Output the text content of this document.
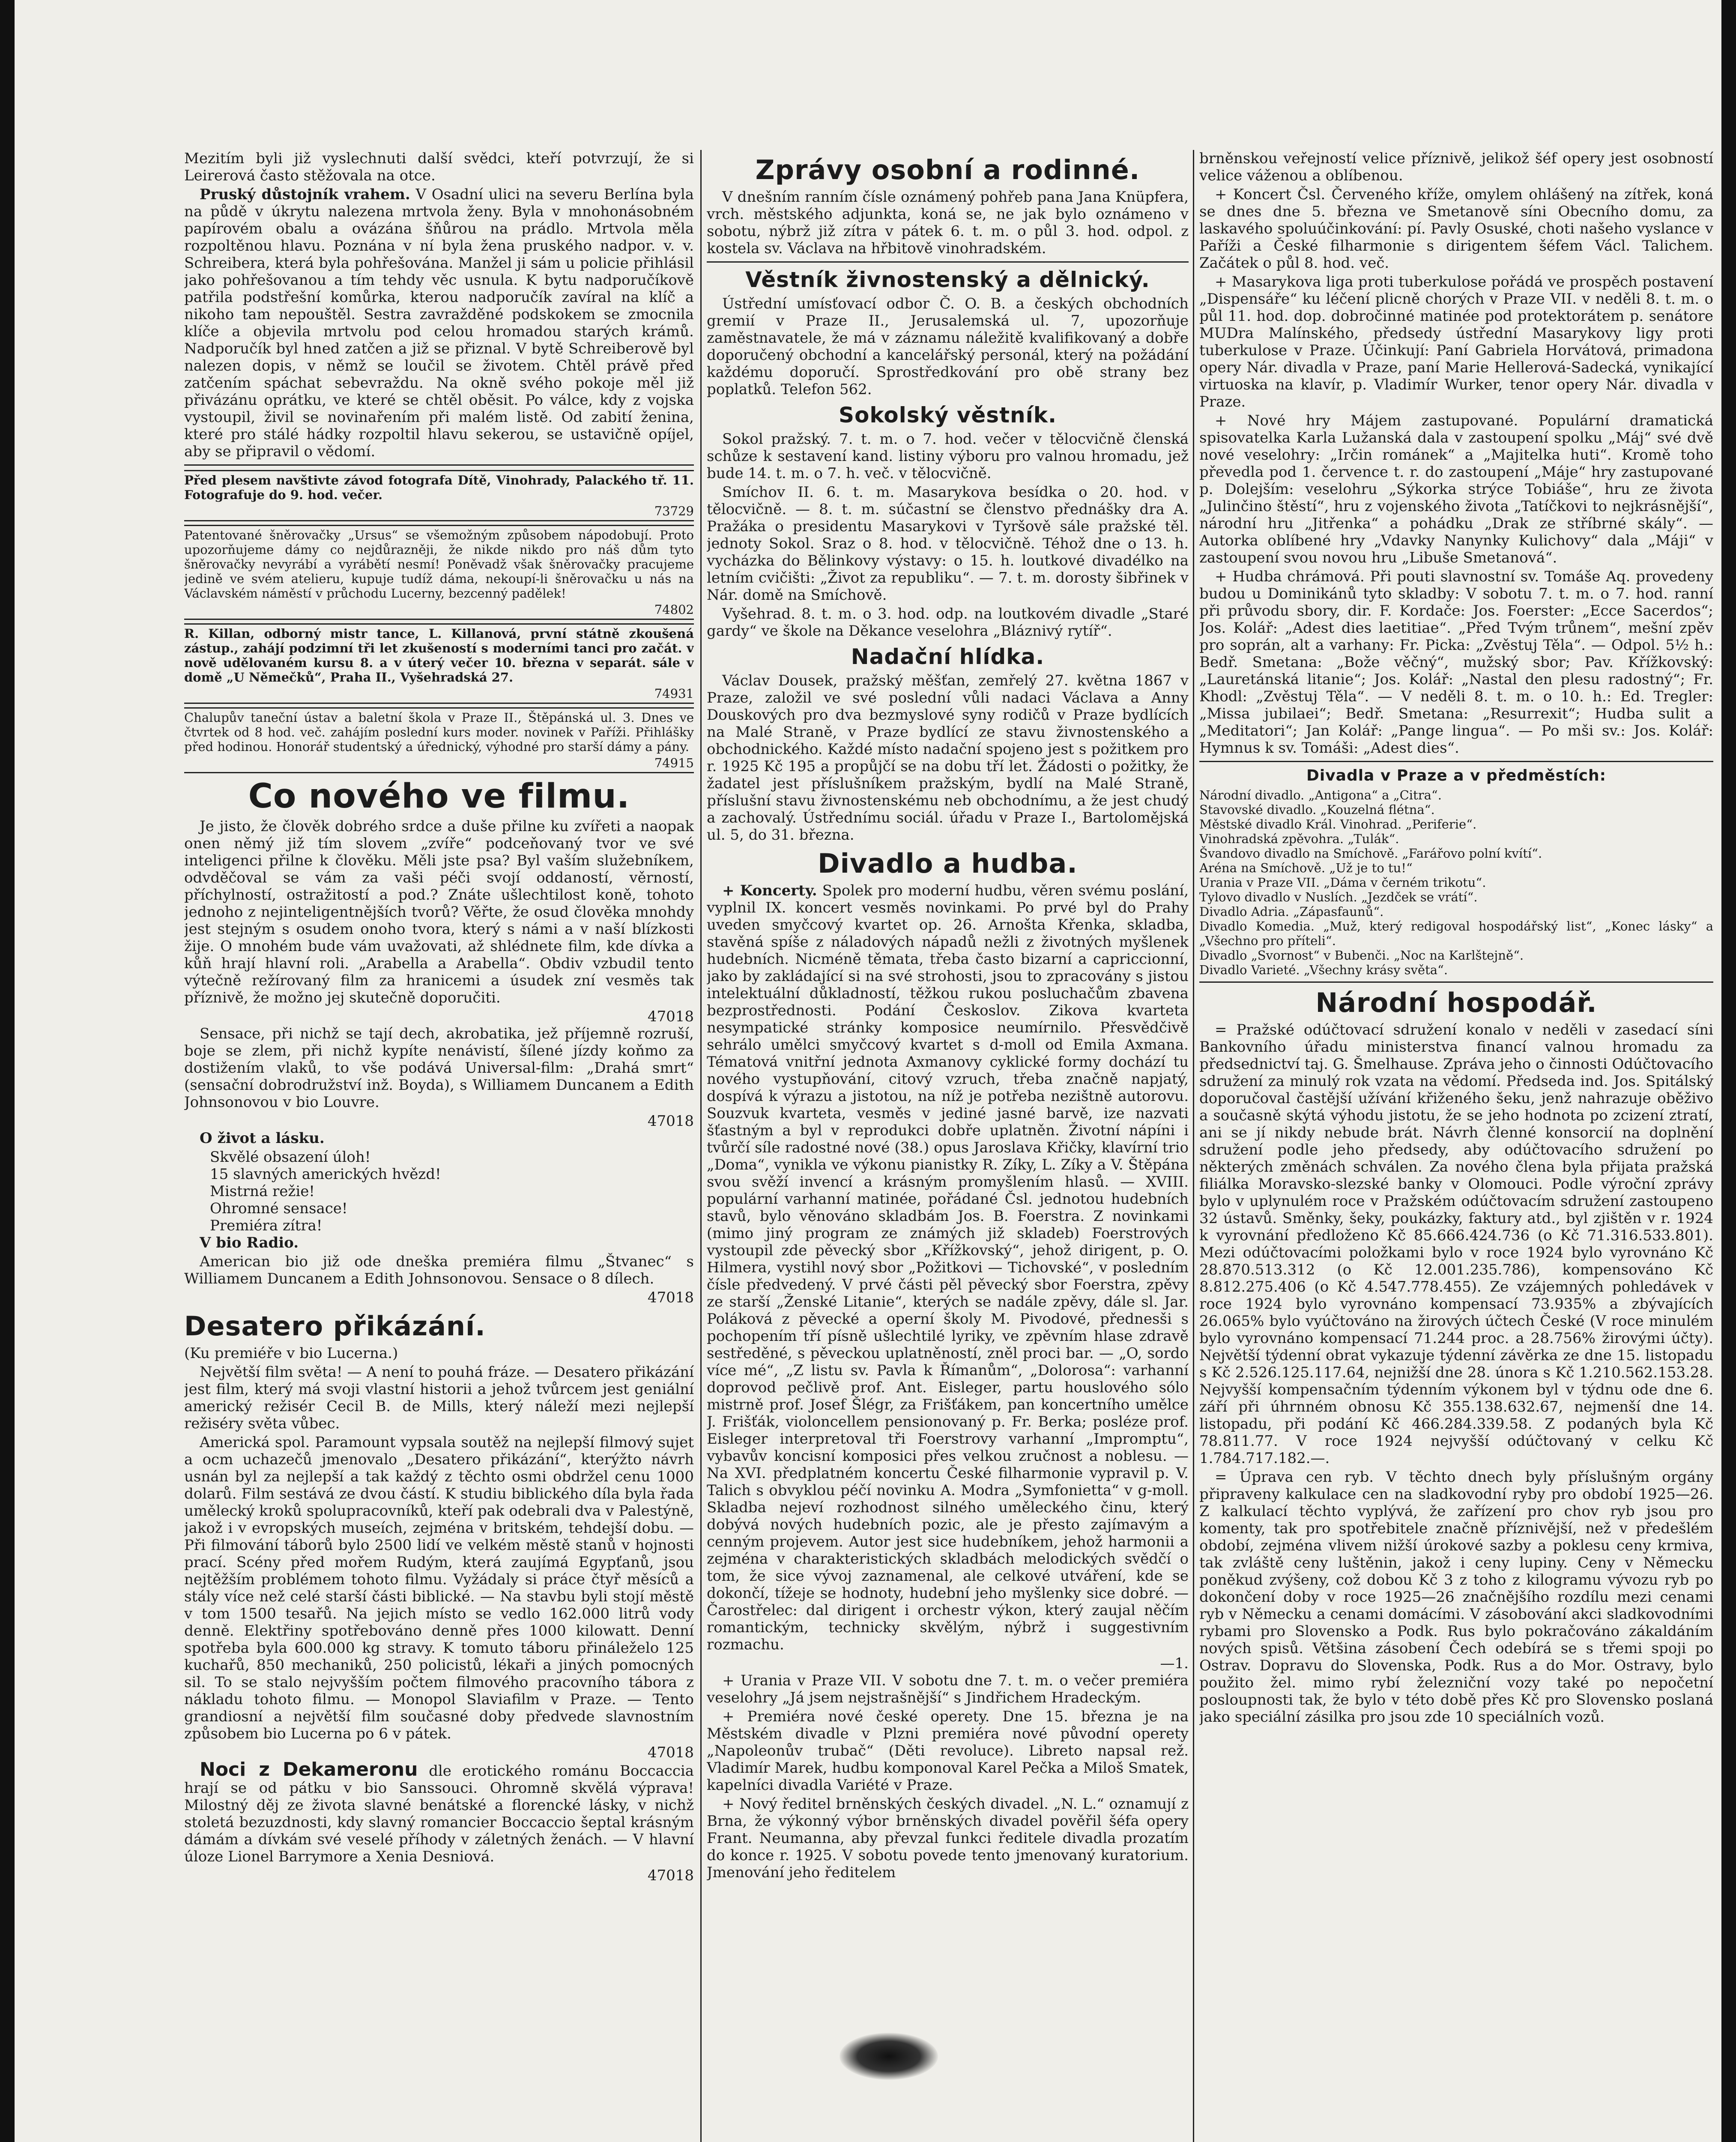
Mezitím byli již vyslechnuti další svědci, kteří potvrzují, že si Leirerová často stěžovala na otce.

Pruský důstojník vrahem. V Osadní ulici na severu Berlína byla na půdě v úkrytu nalezena mrtvola ženy. Byla v mnohonásobném papírovém obalu a ovázána šňůrou na prádlo. Mrtvola měla rozpoltěnou hlavu. Poznána v ní byla žena pruského nadpor. v. v. Schreibera, která byla pohřešována. Manžel ji sám u policie přihlásil jako pohřešovanou a tím tehdy věc usnula. K bytu nadporučíkově patřila podstřešní komůrka, kterou nadporučík zavíral na klíč a nikoho tam nepouštěl. Sestra zavražděné podskokem se zmocnila klíče a objevila mrtvolu pod celou hromadou starých krámů. Nadporučík byl hned zatčen a již se přiznal. V bytě Schreiberově byl nalezen dopis, v němž se loučil se životem. Chtěl právě před zatčením spáchat sebevraždu. Na okně svého pokoje měl již přivázánu oprátku, ve které se chtěl oběsit. Po válce, kdy z vojska vystoupil, živil se novinařením při malém listě. Od zabití ženina, které pro stálé hádky rozpoltil hlavu sekerou, se ustavičně opíjel, aby se připravil o vědomí.

Před plesem navštivte závod fotografa Dítě, Vinohrady, Palackého tř. 11. Fotografuje do 9. hod. večer.

73729

Patentované šněrovačky „Ursus“ se všemožným způsobem nápodobují. Proto upozorňujeme dámy co nejdůrazněji, že nikde nikdo pro náš dům tyto šněrovačky nevyrábí a vyrábětí nesmí! Poněvadž však šněrovačky pracujeme jedině ve svém atelieru, kupuje tudíž dáma, nekoupí-li šněrovačku u nás na Václavském náměstí v průchodu Lucerny, bezcenný padělek!

74802

R. Killan, odborný mistr tance, L. Killanová, první státně zkoušená zástup., zahájí podzimní tři let zkušeností s moderními tanci pro začát. v nově udělovaném kursu 8. a v úterý večer 10. března v separát. sále v domě „U Němečků“, Praha II., Vyšehradská 27.

74931

Chalupův taneční ústav a baletní škola v Praze II., Štěpánská ul. 3. Dnes ve čtvrtek od 8 hod. več. zahájím poslední kurs moder. novinek v Paříži. Přihlášky před hodinou. Honorář studentský a úřednický, výhodné pro starší dámy a pány.

74915
Co nového ve filmu.

Je jisto, že člověk dobrého srdce a duše přilne ku zvířeti a naopak onen němý již tím slovem „zvíře“ podceňovaný tvor ve své inteligenci přilne k člověku. Měli jste psa? Byl vaším služebníkem, odvděčoval se vám za vaši péči svojí oddaností, věrností, příchylností, ostražitostí a pod.? Znáte ušlechtilost koně, tohoto jednoho z nejinteligentnějších tvorů? Věřte, že osud člověka mnohdy jest stejným s osudem onoho tvora, který s námi a v naší blízkosti žije. O mnohém bude vám uvažovati, až shlédnete film, kde dívka a kůň hrají hlavní roli. „Arabella a Arabella“. Obdiv vzbudil tento výtečně režírovaný film za hranicemi a úsudek zní vesměs tak příznivě, že možno jej skutečně doporučiti.

47018

Sensace, při nichž se tají dech, akrobatika, jež příjemně rozruší, boje se zlem, při nichž kypíte nenávistí, šílené jízdy koňmo za dostižením vlaků, to vše podává Universal-film: „Drahá smrt“ (sensační dobrodružství inž. Boyda), s Williamem Duncanem a Edith Johnsonovou v bio Louvre.

47018

O život a lásku.

Skvělé obsazení úloh!
15 slavných amerických hvězd!
Mistrná režie!
Ohromné sensace!
Premiéra zítra!

V bio Radio.

American bio již ode dneška premiéra filmu „Štvanec“ s Williamem Duncanem a Edith Johnsonovou. Sensace o 8 dílech.

47018
Desatero přikázání.

(Ku premiéře v bio Lucerna.)

Největší film světa! — A není to pouhá fráze. — Desatero přikázání jest film, který má svoji vlastní historii a jehož tvůrcem jest geniální americký režisér Cecil B. de Mills, který náleží mezi nejlepší režiséry světa vůbec.

Americká spol. Paramount vypsala soutěž na nejlepší filmový sujet a ocm uchazečů jmenovalo „Desatero přikázání“, kterýžto návrh usnán byl za nejlepší a tak každý z těchto osmi obdržel cenu 1000 dolarů. Film sestává ze dvou částí. K studiu biblického díla byla řada umělecký kroků spolupracovníků, kteří pak odebrali dva v Palestýně, jakož i v evropských museích, zejména v britském, tehdejší dobu. — Při filmování táborů bylo 2500 lidí ve velkém městě stanů v hojnosti prací. Scény před mořem Rudým, která zaujímá Egypťanů, jsou nejtěžším problémem tohoto filmu. Vyžádaly si práce čtyř měsíců a stály více než celé starší části biblické. — Na stavbu byli stojí městě v tom 1500 tesařů. Na jejich místo se vedlo 162.000 litrů vody denně. Elektřiny spotřebováno denně přes 1000 kilowatt. Denní spotřeba byla 600.000 kg stravy. K tomuto táboru přináleželo 125 kuchařů, 850 mechaniků, 250 policistů, lékaři a jiných pomocných sil. To se stalo nejvyšším počtem filmového pracovního tábora z nákladu tohoto filmu. — Monopol Slaviafilm v Praze. — Tento grandiosní a největší film současné doby předvede slavnostním způsobem bio Lucerna po 6 v pátek.

47018

Noci z Dekameronu dle erotického románu Boccaccia hrají se od pátku v bio Sanssouci. Ohromně skvělá výprava! Milostný děj ze života slavné benátské a florencké lásky, v nichž stoletá bezuzdnosti, kdy slavný romancier Boccaccio šeptal krásným dámám a dívkám své veselé příhody v záletných ženách. — V hlavní úloze Lionel Barrymore a Xenia Desniová.

47018
Zprávy osobní a rodinné.

V dnešním ranním čísle oznámený pohřeb pana Jana Knüpfera, vrch. městského adjunkta, koná se, ne jak bylo oznámeno v sobotu, nýbrž již zítra v pátek 6. t. m. o půl 3. hod. odpol. z kostela sv. Václava na hřbitově vinohradském.

Věstník živnostenský a dělnický.

Ústřední umísťovací odbor Č. O. B. a českých obchodních gremií v Praze II., Jerusalemská ul. 7, upozorňuje zaměstnavatele, že má v záznamu náležitě kvalifikovaný a dobře doporučený obchodní a kancelářský personál, který na požádání každému doporučí. Sprostředkování pro obě strany bez poplatků. Telefon 562.

Sokolský věstník.

Sokol pražský. 7. t. m. o 7. hod. večer v tělocvičně členská schůze k sestavení kand. listiny výboru pro valnou hromadu, jež bude 14. t. m. o 7. h. več. v tělocvičně.

Smíchov II. 6. t. m. Masarykova besídka o 20. hod. v tělocvičně. — 8. t. m. súčastní se členstvo přednášky dra A. Pražáka o presidentu Masarykovi v Tyršově sále pražské těl. jednoty Sokol. Sraz o 8. hod. v tělocvičně. Téhož dne o 13. h. vycházka do Bělinkovy výstavy: o 15. h. loutkové divadélko na letním cvičišti: „Život za republiku“. — 7. t. m. dorosty šibřinek v Nár. domě na Smíchově.

Vyšehrad. 8. t. m. o 3. hod. odp. na loutkovém divadle „Staré gardy“ ve škole na Děkance veselohra „Bláznivý rytíř“.

Nadační hlídka.

Václav Dousek, pražský měšťan, zemřelý 27. května 1867 v Praze, založil ve své poslední vůli nadaci Václava a Anny Douskových pro dva bezmyslové syny rodičů v Praze bydlících na Malé Straně, v Praze bydlící ze stavu živnostenského a obchodnického. Každé místo nadační spojeno jest s požitkem pro r. 1925 Kč 195 a propůjčí se na dobu tří let. Žádosti o požitky, že žadatel jest příslušníkem pražským, bydlí na Malé Straně, příslušní stavu živnostenskému neb obchodnímu, a že jest chudý a zachovalý. Ústřednímu sociál. úřadu v Praze I., Bartolomějská ul. 5, do 31. března.

Divadlo a hudba.

+ Koncerty. Spolek pro moderní hudbu, věren svému poslání, vyplnil IX. koncert vesměs novinkami. Po prvé byl do Prahy uveden smyčcový kvartet op. 26. Arnošta Křenka, skladba, stavěná spíše z náladových nápadů nežli z životných myšlenek hudebních. Nicméně těmata, třeba často bizarní a capriccionní, jako by zakládající si na své strohosti, jsou to zpracovány s jistou intelektuální důkladností, těžkou rukou posluchačům zbavena bezprostřednosti. Podání Českoslov. Zikova kvarteta nesympatické stránky komposice neumírnilo. Přesvědčivě sehrálo umělci smyčcový kvartet s d-moll od Emila Axmana. Tématová vnitřní jednota Axmanovy cyklické formy dochází tu nového vystupňování, citový vzruch, třeba značně napjatý, dospívá k výrazu a jistotou, na níž je potřeba nezištně autorovu. Souzvuk kvarteta, vesměs v jediné jasné barvě, ize nazvati šťastným a byl v reprodukci dobře uplatněn. Životní nápíni i tvůrčí síle radostné nové (38.) opus Jaroslava Křičky, klavírní trio „Doma“, vynikla ve výkonu pianistky R. Zíky, L. Zíky a V. Štěpána svou svěží invencí a krásným promyšlením hlasů. — XVIII. populární varhanní matinée, pořádané Čsl. jednotou hudebních stavů, bylo věnováno skladbám Jos. B. Foerstra. Z novinkami (mimo jiný program ze známých již skladeb) Foerstrových vystoupil zde pěvecký sbor „Křížkovský“, jehož dirigent, p. O. Hilmera, vystihl nový sbor „Požitkovi — Tichovské“, v posledním čísle předvedený. V prvé části pěl pěvecký sbor Foerstra, zpěvy ze starší „Ženské Litanie“, kterých se nadále zpěvy, dále sl. Jar. Poláková z pěvecké a operní školy M. Pivodové, přednesši s pochopením tří písně ušlechtilé lyriky, ve zpěvním hlase zdravě sestředěné, s pěveckou uplatněností, zněl proci bar. — „O, sordo více mé“, „Z listu sv. Pavla k Římanům“, „Dolorosa“: varhanní doprovod pečlivě prof. Ant. Eisleger, partu houslového sólo mistrně prof. Josef Šlégr, za Frišťákem, pan koncertního umělce J. Frišťák, violoncellem pensionovaný p. Fr. Berka; posléze prof. Eisleger interpretoval tři Foerstrovy varhanní „Impromptu“, vybavův koncisní komposici přes velkou zručnost a noblesu. — Na XVI. předplatném koncertu České filharmonie vypravil p. V. Talich s obvyklou péčí novinku A. Modra „Symfonietta“ v g-moll. Skladba nejeví rozhodnost silného uměleckého činu, který dobývá nových hudebních pozic, ale je přesto zajímavým a cenným projevem. Autor jest sice hudebníkem, jehož harmonii a zejména v charakteristických skladbách melodických svědčí o tom, že sice vývoj zaznamenal, ale celkové utváření, kde se dokončí, tížeje se hodnoty, hudební jeho myšlenky sice dobré. — Čarostřelec: dal dirigent i orchestr výkon, který zaujal něčím romantickým, technicky skvělým, nýbrž i suggestivním rozmachu.

—1.

+ Urania v Praze VII. V sobotu dne 7. t. m. o večer premiéra veselohry „Já jsem nejstrašnější“ s Jindřichem Hradeckým.

+ Premiéra nové české operety. Dne 15. března je na Městském divadle v Plzni premiéra nové původní operety „Napoleonův trubač“ (Děti revoluce). Libreto napsal rež. Vladimír Marek, hudbu komponoval Karel Pečka a Miloš Smatek, kapelníci divadla Variété v Praze.

+ Nový ředitel brněnských českých divadel. „N. L.“ oznamují z Brna, že výkonný výbor brněnských divadel pověřil šéfa opery Frant. Neumanna, aby převzal funkci ředitele divadla prozatím do konce r. 1925. V sobotu povede tento jmenovaný kuratorium. Jmenování jeho ředitelem

brněnskou veřejností velice příznivě, jelikož šéf opery jest osobností velice váženou a oblíbenou.

+ Koncert Čsl. Červeného kříže, omylem ohlášený na zítřek, koná se dnes dne 5. března ve Smetanově síni Obecního domu, za laskavého spoluúčinkování: pí. Pavly Osuské, choti našeho vyslance v Paříži a České filharmonie s dirigentem šéfem Václ. Talichem. Začátek o půl 8. hod. več.

+ Masarykova liga proti tuberkulose pořádá ve prospěch postavení „Dispensáře“ ku léčení plicně chorých v Praze VII. v neděli 8. t. m. o půl 11. hod. dop. dobročinné matinée pod protektorátem p. senátore MUDra Malínského, předsedy ústřední Masarykovy ligy proti tuberkulose v Praze. Účinkují: Paní Gabriela Horvátová, primadona opery Nár. divadla v Praze, paní Marie Hellerová-Sadecká, vynikající virtuoska na klavír, p. Vladimír Wurker, tenor opery Nár. divadla v Praze.

+ Nové hry Májem zastupované. Populární dramatická spisovatelka Karla Lužanská dala v zastoupení spolku „Máj“ své dvě nové veselohry: „Irčin románek“ a „Majitelka huti“. Kromě toho převedla pod 1. července t. r. do zastoupení „Máje“ hry zastupované p. Dolejším: veselohru „Sýkorka strýce Tobiáše“, hru ze života „Julinčino štěstí“, hru z vojenského života „Tatíčkovi to nejkrásnější“, národní hru „Jitřenka“ a pohádku „Drak ze stříbrné skály“. — Autorka oblíbené hry „Vdavky Nanynky Kulichovy“ dala „Máji“ v zastoupení svou novou hru „Libuše Smetanová“.

+ Hudba chrámová. Při pouti slavnostní sv. Tomáše Aq. provedeny budou u Dominikánů tyto skladby: V sobotu 7. t. m. o 7. hod. ranní při průvodu sbory, dir. F. Kordače: Jos. Foerster: „Ecce Sacerdos“; Jos. Kolář: „Adest dies laetitiae“. „Před Tvým trůnem“, mešní zpěv pro soprán, alt a varhany: Fr. Picka: „Zvěstuj Těla“. — Odpol. 5½ h.: Bedř. Smetana: „Bože věčný“, mužský sbor; Pav. Křížkovský: „Lauretánská litanie“; Jos. Kolář: „Nastal den plesu radostný“; Fr. Khodl: „Zvěstuj Těla“. — V neděli 8. t. m. o 10. h.: Ed. Tregler: „Missa jubilaei“; Bedř. Smetana: „Resurrexit“; Hudba sulit a „Meditatori“; Jan Kolář: „Pange lingua“. — Po mši sv.: Jos. Kolář: Hymnus k sv. Tomáši: „Adest dies“.

Divadla v Praze a v předměstích:
Národní divadlo. „Antigona“ a „Citra“.
Stavovské divadlo. „Kouzelná flétna“.
Městské divadlo Král. Vinohrad. „Periferie“.
Vinohradská zpěvohra. „Tulák“.
Švandovo divadlo na Smíchově. „Farářovo polní kvítí“.
Aréna na Smíchově. „Už je to tu!“
Urania v Praze VII. „Dáma v černém trikotu“.
Tylovo divadlo v Nuslích. „Jezdček se vrátí“.
Divadlo Adria. „Zápasfaunů“.
Divadlo Komedia. „Muž, který redigoval hospodářský list“, „Konec lásky“ a „Všechno pro příteli“.
Divadlo „Svornost“ v Bubenči. „Noc na Karlštejně“.
Divadlo Varieté. „Všechny krásy světa“.
Národní hospodář.

= Pražské odúčtovací sdružení konalo v neděli v zasedací síni Bankovního úřadu ministerstva financí valnou hromadu za předsednictví taj. G. Šmelhause. Zpráva jeho o činnosti Odúčtovacího sdružení za minulý rok vzata na vědomí. Předseda ind. Jos. Spitálský doporučoval častější užívání křiženého šeku, jenž nahrazuje oběživo a současně skýtá výhodu jistotu, že se jeho hodnota po zcizení ztratí, ani se jí nikdy nebude brát. Návrh členné konsorcií na doplnění sdružení podle jeho předsedy, aby odúčtovacího sdružení po některých změnách schválen. Za nového člena byla přijata pražská filiálka Moravsko-slezské banky v Olomouci. Podle výroční zprávy bylo v uplynulém roce v Pražském odúčtovacím sdružení zastoupeno 32 ústavů. Směnky, šeky, poukázky, faktury atd., byl zjištěn v r. 1924 k vyrovnání předloženo Kč 85.666.424.736 (o Kč 71.316.533.801). Mezi odúčtovacími položkami bylo v roce 1924 bylo vyrovnáno Kč 28.870.513.312 (o Kč 12.001.235.786), kompensováno Kč 8.812.275.406 (o Kč 4.547.778.455). Ze vzájemných pohledávek v roce 1924 bylo vyrovnáno kompensací 73.935% a zbývajících 26.065% bylo vyúčtováno na žirových účtech České (V roce minulém bylo vyrovnáno kompensací 71.244 proc. a 28.756% žirovými účty). Největší týdenní obrat vykazuje týdenní závěrka ze dne 15. listopadu s Kč 2.526.125.117.64, nejnižší dne 28. února s Kč 1.210.562.153.28. Nejvyšší kompensačním týdenním výkonem byl v týdnu ode dne 6. září při úhrnném obnosu Kč 355.138.632.67, nejmenší dne 14. listopadu, při podání Kč 466.284.339.58. Z podaných byla Kč 78.811.77. V roce 1924 nejvyšší odúčtovaný v celku Kč 1.784.717.182.—.

= Úprava cen ryb. V těchto dnech byly příslušným orgány připraveny kalkulace cen na sladkovodní ryby pro období 1925—26. Z kalkulací těchto vyplývá, že zařízení pro chov ryb jsou pro komenty, tak pro spotřebitele značně příznivější, než v předešlém období, zejména vlivem nižší úrokové sazby a poklesu ceny krmiva, tak zvláště ceny luštěnin, jakož i ceny lupiny. Ceny v Německu poněkud zvýšeny, což dobou Kč 3 z toho z kilogramu vývozu ryb po dokončení doby v roce 1925—26 značnějšího rozdílu mezi cenami ryb v Německu a cenami domácími. V zásobování akci sladkovodními rybami pro Slovensko a Podk. Rus bylo pokračováno zákaldáním nových spisů. Většina zásobení Čech odebírá se s třemi spoji po Ostrav. Dopravu do Slovenska, Podk. Rus a do Mor. Ostravy, bylo použito žel. mimo rybí železniční vozy také po nepočetní posloupnosti tak, že bylo v této době přes Kč pro Slovensko poslaná jako speciální zásilka pro jsou zde 10 speciálních vozů.
